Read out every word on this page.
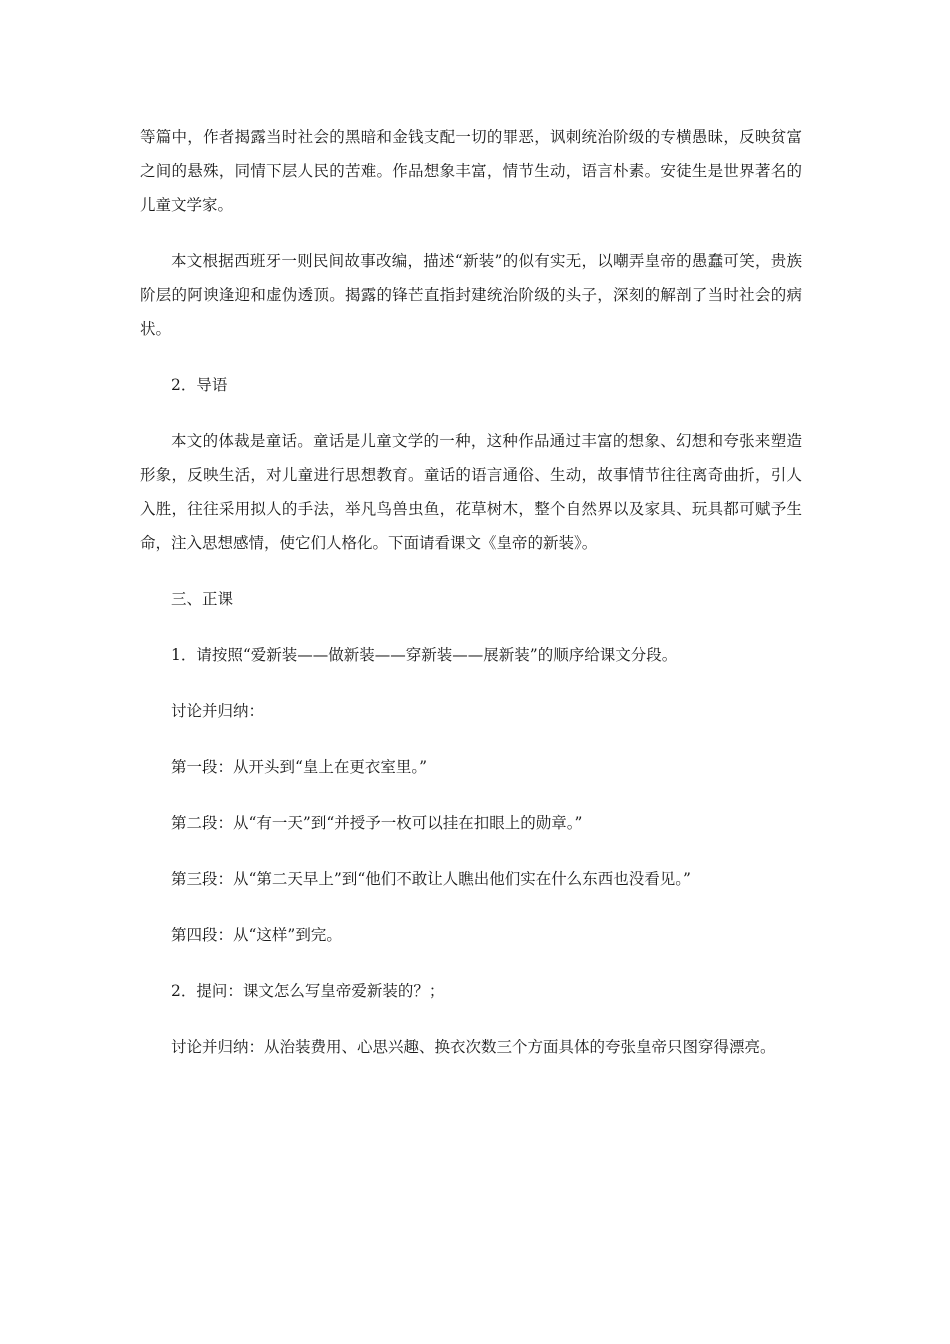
等篇中，作者揭露当时社会的黑暗和金钱支配一切的罪恶，讽刺统治阶级的专横愚昧，反映贫富之间的悬殊，同情下层人民的苦难。作品想象丰富，情节生动，语言朴素。安徒生是世界著名的儿童文学家。

本文根据西班牙一则民间故事改编，描述“新装”的似有实无，以嘲弄皇帝的愚蠢可笑，贵族阶层的阿谀逢迎和虚伪透顶。揭露的锋芒直指封建统治阶级的头子，深刻的解剖了当时社会的病状。

2．导语

本文的体裁是童话。童话是儿童文学的一种，这种作品通过丰富的想象、幻想和夸张来塑造形象，反映生活，对儿童进行思想教育。童话的语言通俗、生动，故事情节往往离奇曲折，引人入胜，往往采用拟人的手法，举凡鸟兽虫鱼，花草树木，整个自然界以及家具、玩具都可赋予生命，注入思想感情，使它们人格化。下面请看课文《皇帝的新装》。

三、正课

1．请按照“爱新装——做新装——穿新装——展新装”的顺序给课文分段。

讨论并归纳：

第一段：从开头到“皇上在更衣室里。”

第二段：从“有一天”到“并授予一枚可以挂在扣眼上的勋章。”

第三段：从“第二天早上”到“他们不敢让人瞧出他们实在什么东西也没看见。”

第四段：从“这样”到完。

2．提问：课文怎么写皇帝爱新装的？；

讨论并归纳：从治装费用、心思兴趣、换衣次数三个方面具体的夸张皇帝只图穿得漂亮。
